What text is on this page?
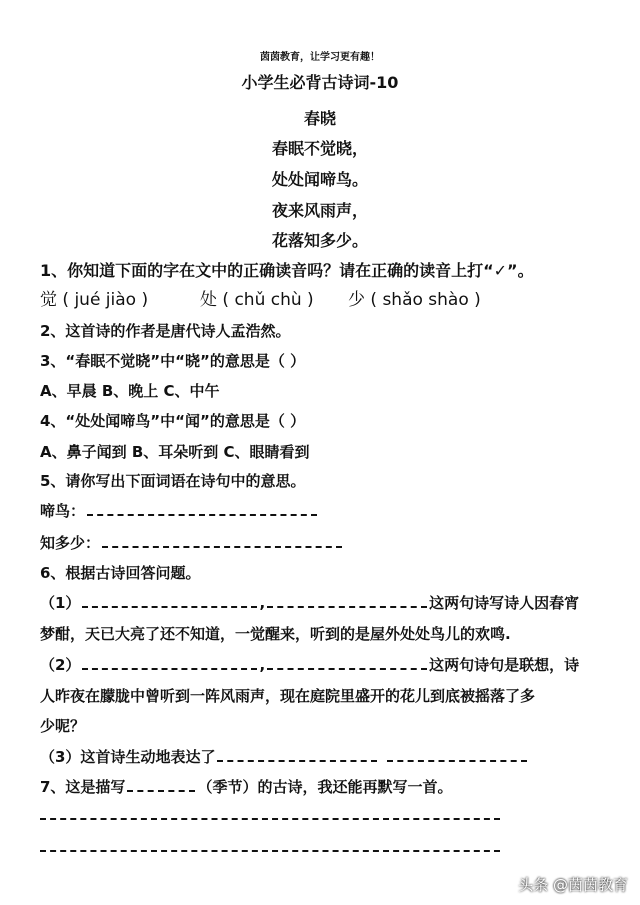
茵茵教育，让学习更有趣！
小学生必背古诗词-10
春晓
春眠不觉晓，
处处闻啼鸟。
夜来风雨声，
花落知多少。
1、你知道下面的字在文中的正确读音吗？请在正确的读音上打“✓”。
觉 ( jué jiào )	处 ( chǔ chù ) 少 ( shǎo shào )
2、这首诗的作者是唐代诗人孟浩然。
3、“春眠不觉晓”中“晓”的意思是（ ）
A、早晨 B、晚上 C、中午
4、“处处闻啼鸟”中“闻”的意思是（ ）
A、鼻子闻到 B、耳朵听到 C、眼睛看到
5、请你写出下面词语在诗句中的意思。
啼鸟：
知多少：
6、根据古诗回答问题。
（1）	,	这两句诗写诗人因春宵
梦酣，天已大亮了还不知道，一觉醒来，听到的是屋外处处鸟儿的欢鸣.
（2）	,	这两句诗句是联想，诗
人昨夜在朦胧中曾听到一阵风雨声，现在庭院里盛开的花儿到底被摇落了多
少呢？
（3）这首诗生动地表达了
7、这是描写	（季节）的古诗，我还能再默写一首。
头条 @茵茵教育
